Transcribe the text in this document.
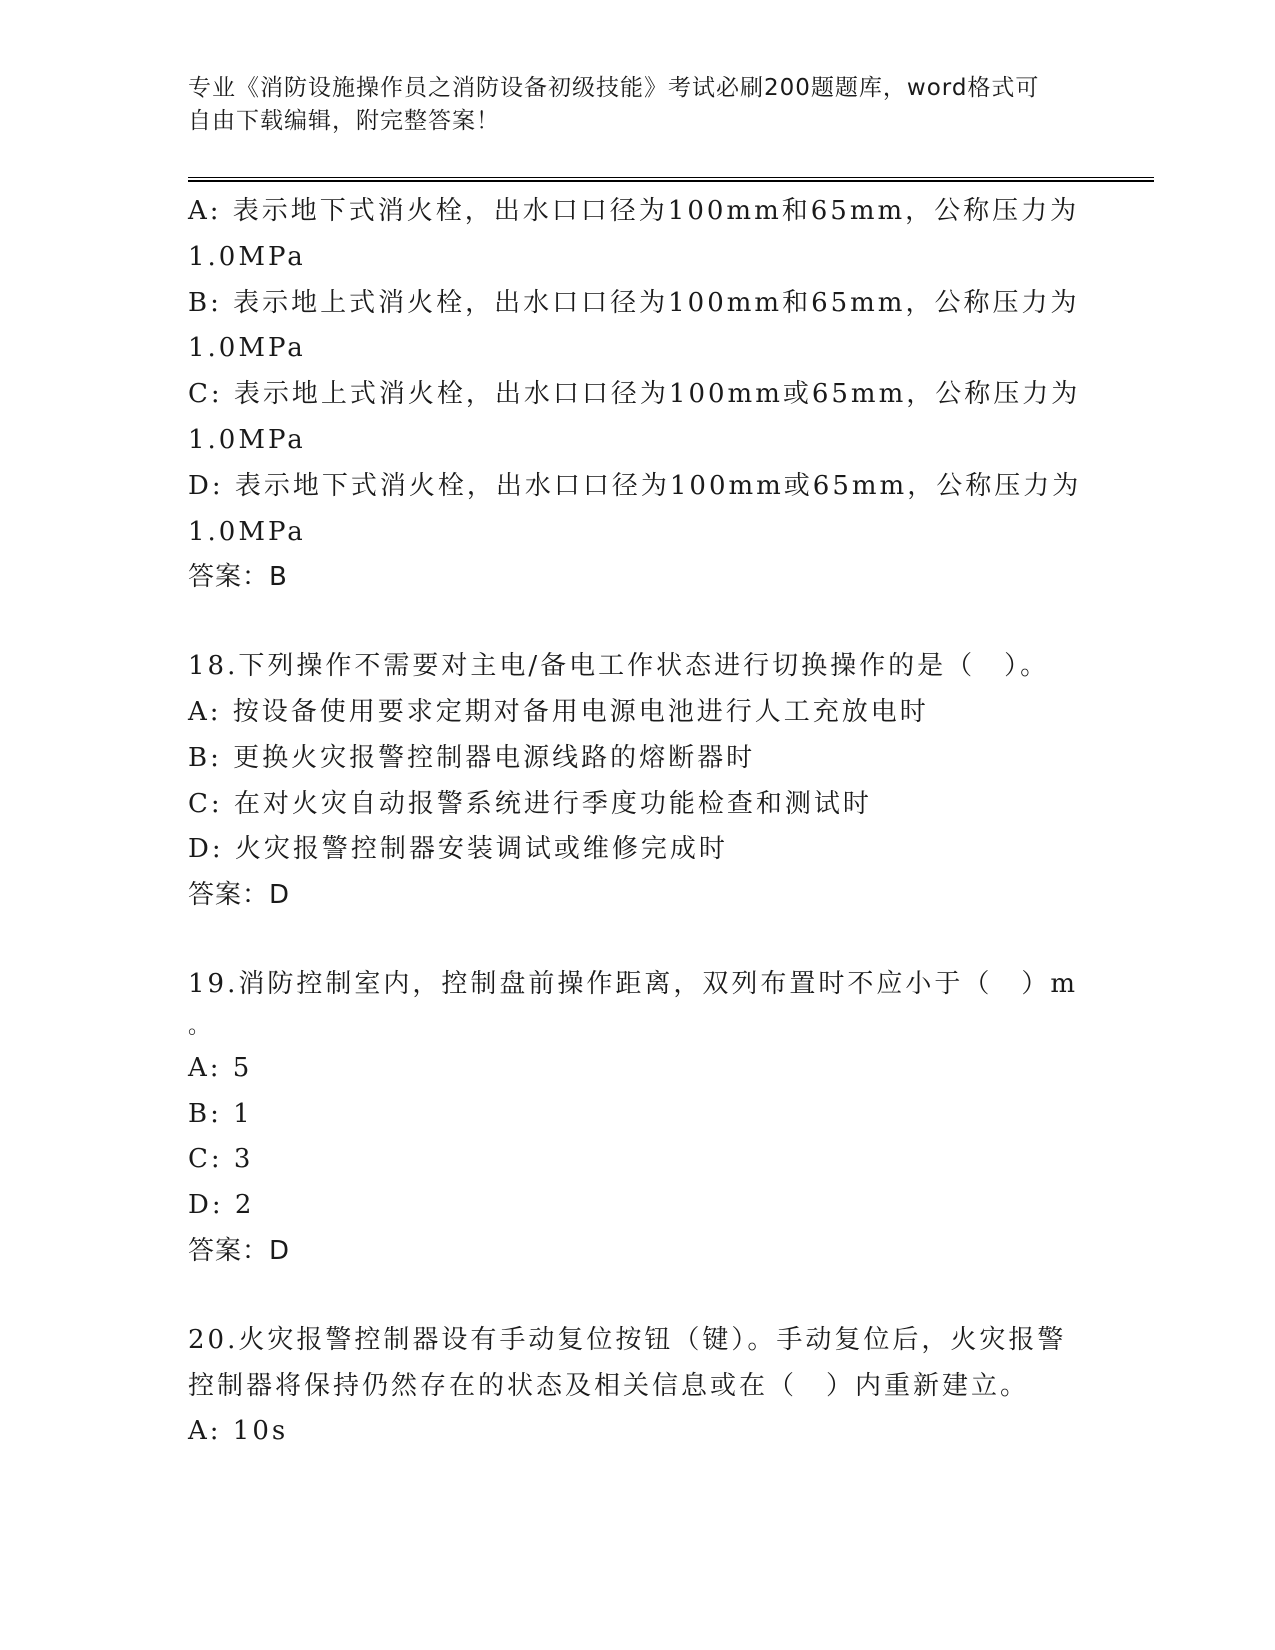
专业《消防设施操作员之消防设备初级技能》考试必刷200题题库，word格式可
自由下载编辑，附完整答案！
A: 表示地下式消火栓，出水口口径为100mm和65mm，公称压力为
1.0MPa
B: 表示地上式消火栓，出水口口径为100mm和65mm，公称压力为
1.0MPa
C: 表示地上式消火栓，出水口口径为100mm或65mm，公称压力为
1.0MPa
D: 表示地下式消火栓，出水口口径为100mm或65mm，公称压力为
1.0MPa
答案：B
18.下列操作不需要对主电/备电工作状态进行切换操作的是（　）。
A: 按设备使用要求定期对备用电源电池进行人工充放电时
B: 更换火灾报警控制器电源线路的熔断器时
C: 在对火灾自动报警系统进行季度功能检查和测试时
D: 火灾报警控制器安装调试或维修完成时
答案：D
19.消防控制室内，控制盘前操作距离，双列布置时不应小于（　）m
。
A: 5
B: 1
C: 3
D: 2
答案：D
20.火灾报警控制器设有手动复位按钮（键）。手动复位后，火灾报警
控制器将保持仍然存在的状态及相关信息或在（　）内重新建立。
A: 10s
